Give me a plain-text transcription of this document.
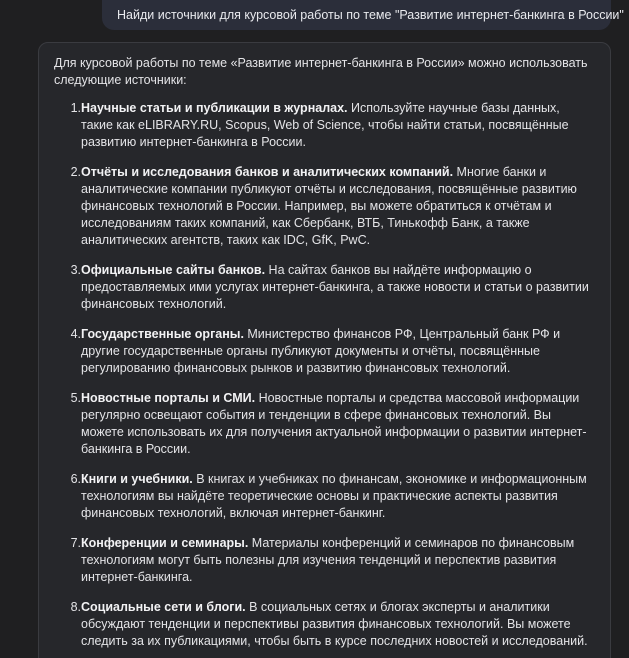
Найди источники для курсовой работы по теме "Развитие интернет-банкинга в России"

Для курсовой работы по теме «Развитие интернет-банкинга в России» можно использовать следующие источники:

1. Научные статьи и публикации в журналах. Используйте научные базы данных, такие как eLIBRARY.RU, Scopus, Web of Science, чтобы найти статьи, посвящённые развитию интернет-банкинга в России.
2. Отчёты и исследования банков и аналитических компаний. Многие банки и аналитические компании публикуют отчёты и исследования, посвящённые развитию финансовых технологий в России. Например, вы можете обратиться к отчётам и исследованиям таких компаний, как Сбербанк, ВТБ, Тинькофф Банк, а также аналитических агентств, таких как IDC, GfK, PwC.
3. Официальные сайты банков. На сайтах банков вы найдёте информацию о предоставляемых ими услугах интернет-банкинга, а также новости и статьи о развитии финансовых технологий.
4. Государственные органы. Министерство финансов РФ, Центральный банк РФ и другие государственные органы публикуют документы и отчёты, посвящённые регулированию финансовых рынков и развитию финансовых технологий.
5. Новостные порталы и СМИ. Новостные порталы и средства массовой информации регулярно освещают события и тенденции в сфере финансовых технологий. Вы можете использовать их для получения актуальной информации о развитии интернет-банкинга в России.
6. Книги и учебники. В книгах и учебниках по финансам, экономике и информационным технологиям вы найдёте теоретические основы и практические аспекты развития финансовых технологий, включая интернет-банкинг.
7. Конференции и семинары. Материалы конференций и семинаров по финансовым технологиям могут быть полезны для изучения тенденций и перспектив развития интернет-банкинга.
8. Социальные сети и блоги. В социальных сетях и блогах эксперты и аналитики обсуждают тенденции и перспективы развития финансовых технологий. Вы можете следить за их публикациями, чтобы быть в курсе последних новостей и исследований.
